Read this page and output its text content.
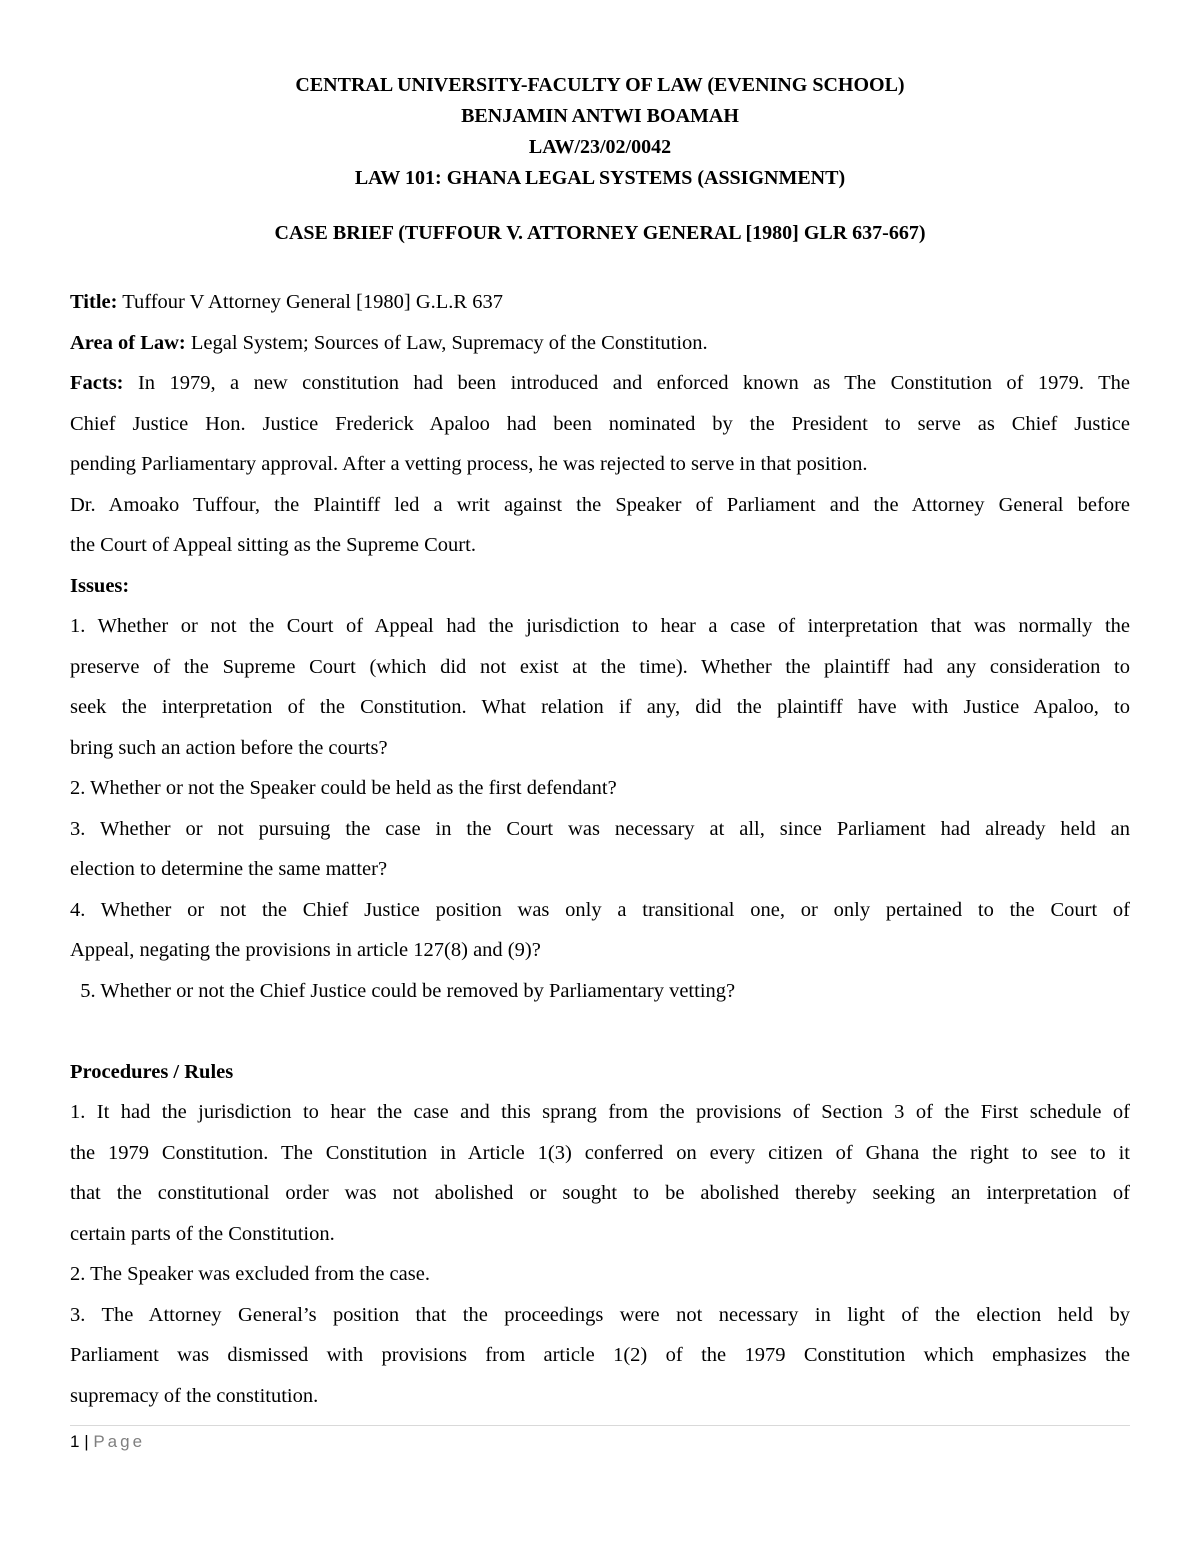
CENTRAL UNIVERSITY-FACULTY OF LAW (EVENING SCHOOL)
BENJAMIN ANTWI BOAMAH
LAW/23/02/0042
LAW 101: GHANA LEGAL SYSTEMS (ASSIGNMENT)
CASE BRIEF (TUFFOUR V. ATTORNEY GENERAL [1980] GLR 637-667)
Title: Tuffour V Attorney General [1980] G.L.R 637
Area of Law: Legal System; Sources of Law, Supremacy of the Constitution.
Facts: In 1979, a new constitution had been introduced and enforced known as The Constitution of 1979. The
Chief Justice Hon. Justice Frederick Apaloo had been nominated by the President to serve as Chief Justice
pending Parliamentary approval. After a vetting process, he was rejected to serve in that position.
Dr. Amoako Tuffour, the Plaintiff led a writ against the Speaker of Parliament and the Attorney General before
the Court of Appeal sitting as the Supreme Court.
Issues:
1. Whether or not the Court of Appeal had the jurisdiction to hear a case of interpretation that was normally the
preserve of the Supreme Court (which did not exist at the time). Whether the plaintiff had any consideration to
seek the interpretation of the Constitution. What relation if any, did the plaintiff have with Justice Apaloo, to
bring such an action before the courts?
2. Whether or not the Speaker could be held as the first defendant?
3. Whether or not pursuing the case in the Court was necessary at all, since Parliament had already held an
election to determine the same matter?
4. Whether or not the Chief Justice position was only a transitional one, or only pertained to the Court of
Appeal, negating the provisions in article 127(8) and (9)?
5. Whether or not the Chief Justice could be removed by Parliamentary vetting?
Procedures / Rules
1. It had the jurisdiction to hear the case and this sprang from the provisions of Section 3 of the First schedule of
the 1979 Constitution. The Constitution in Article 1(3) conferred on every citizen of Ghana the right to see to it
that the constitutional order was not abolished or sought to be abolished thereby seeking an interpretation of
certain parts of the Constitution.
2. The Speaker was excluded from the case.
3. The Attorney General’s position that the proceedings were not necessary in light of the election held by
Parliament was dismissed with provisions from article 1(2) of the 1979 Constitution which emphasizes the
supremacy of the constitution.
1 | Page
